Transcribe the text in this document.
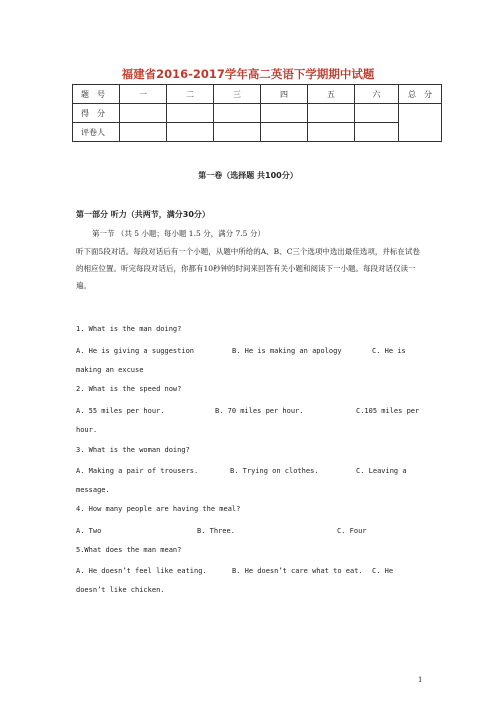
福建省2016-2017学年高二英语下学期期中试题
题　号	一	二	三	四	五	六	总　分
得　分							
评卷人							
第一卷（选择题 共100分）
第一部分 听力（共两节，满分30分）
第一节 （共 5 小题；每小题 1.5 分，满分 7.5 分）
听下面5段对话。每段对话后有一个小题，从题中所给的A、B、C三个选项中选出最佳选项，并标在试卷的相应位置。听完每段对话后，你都有10秒钟的时间来回答有关小题和阅读下一小题。每段对话仅读一遍。
1. What is the man doing?
A. He is giving a suggestion	B. He is making an apology	C. He is
making an excuse
2. What is the speed now?
A. 55 miles per hour.	B. 70 miles per hour.	C.105 miles per
hour.
3. What is the woman doing?
A. Making a pair of trousers.	B. Trying on clothes.	C. Leaving a
message.
4. How many people are having the meal?
A. Two	B. Three.	C. Four
5.What does the man mean?
A. He doesn’t feel like eating.	B. He doesn’t care what to eat. C. He
doesn’t like chicken.
1
